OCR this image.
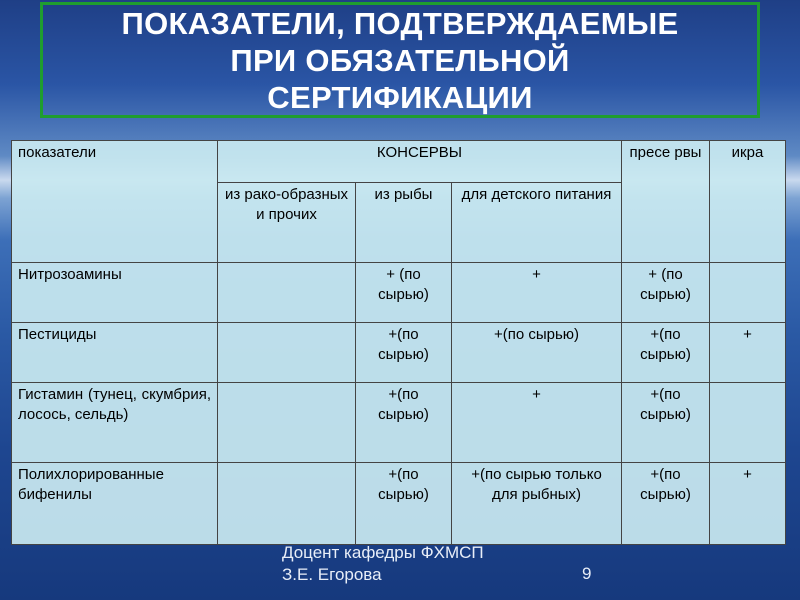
ПОКАЗАТЕЛИ, ПОДТВЕРЖДАЕМЫЕ
ПРИ ОБЯЗАТЕЛЬНОЙ
СЕРТИФИКАЦИИ
показатели	КОНСЕРВЫ			пресе рвы	икра
	из рако-образных и прочих	из рыбы	для детского питания		
Нитрозоамины		+ (по сырью)	+	+ (по сырью)	
Пестициды		+(по сырью)	+(по сырью)	+(по сырью)	+
Гистамин (тунец, скумбрия, лосось, сельдь)		+(по сырью)	+	+(по сырью)	
Полихлорированные бифенилы		+(по сырью)	+(по сырью только для рыбных)	+(по сырью)	+
Доцент кафедры ФХМСП
З.Е. Егорова	9
